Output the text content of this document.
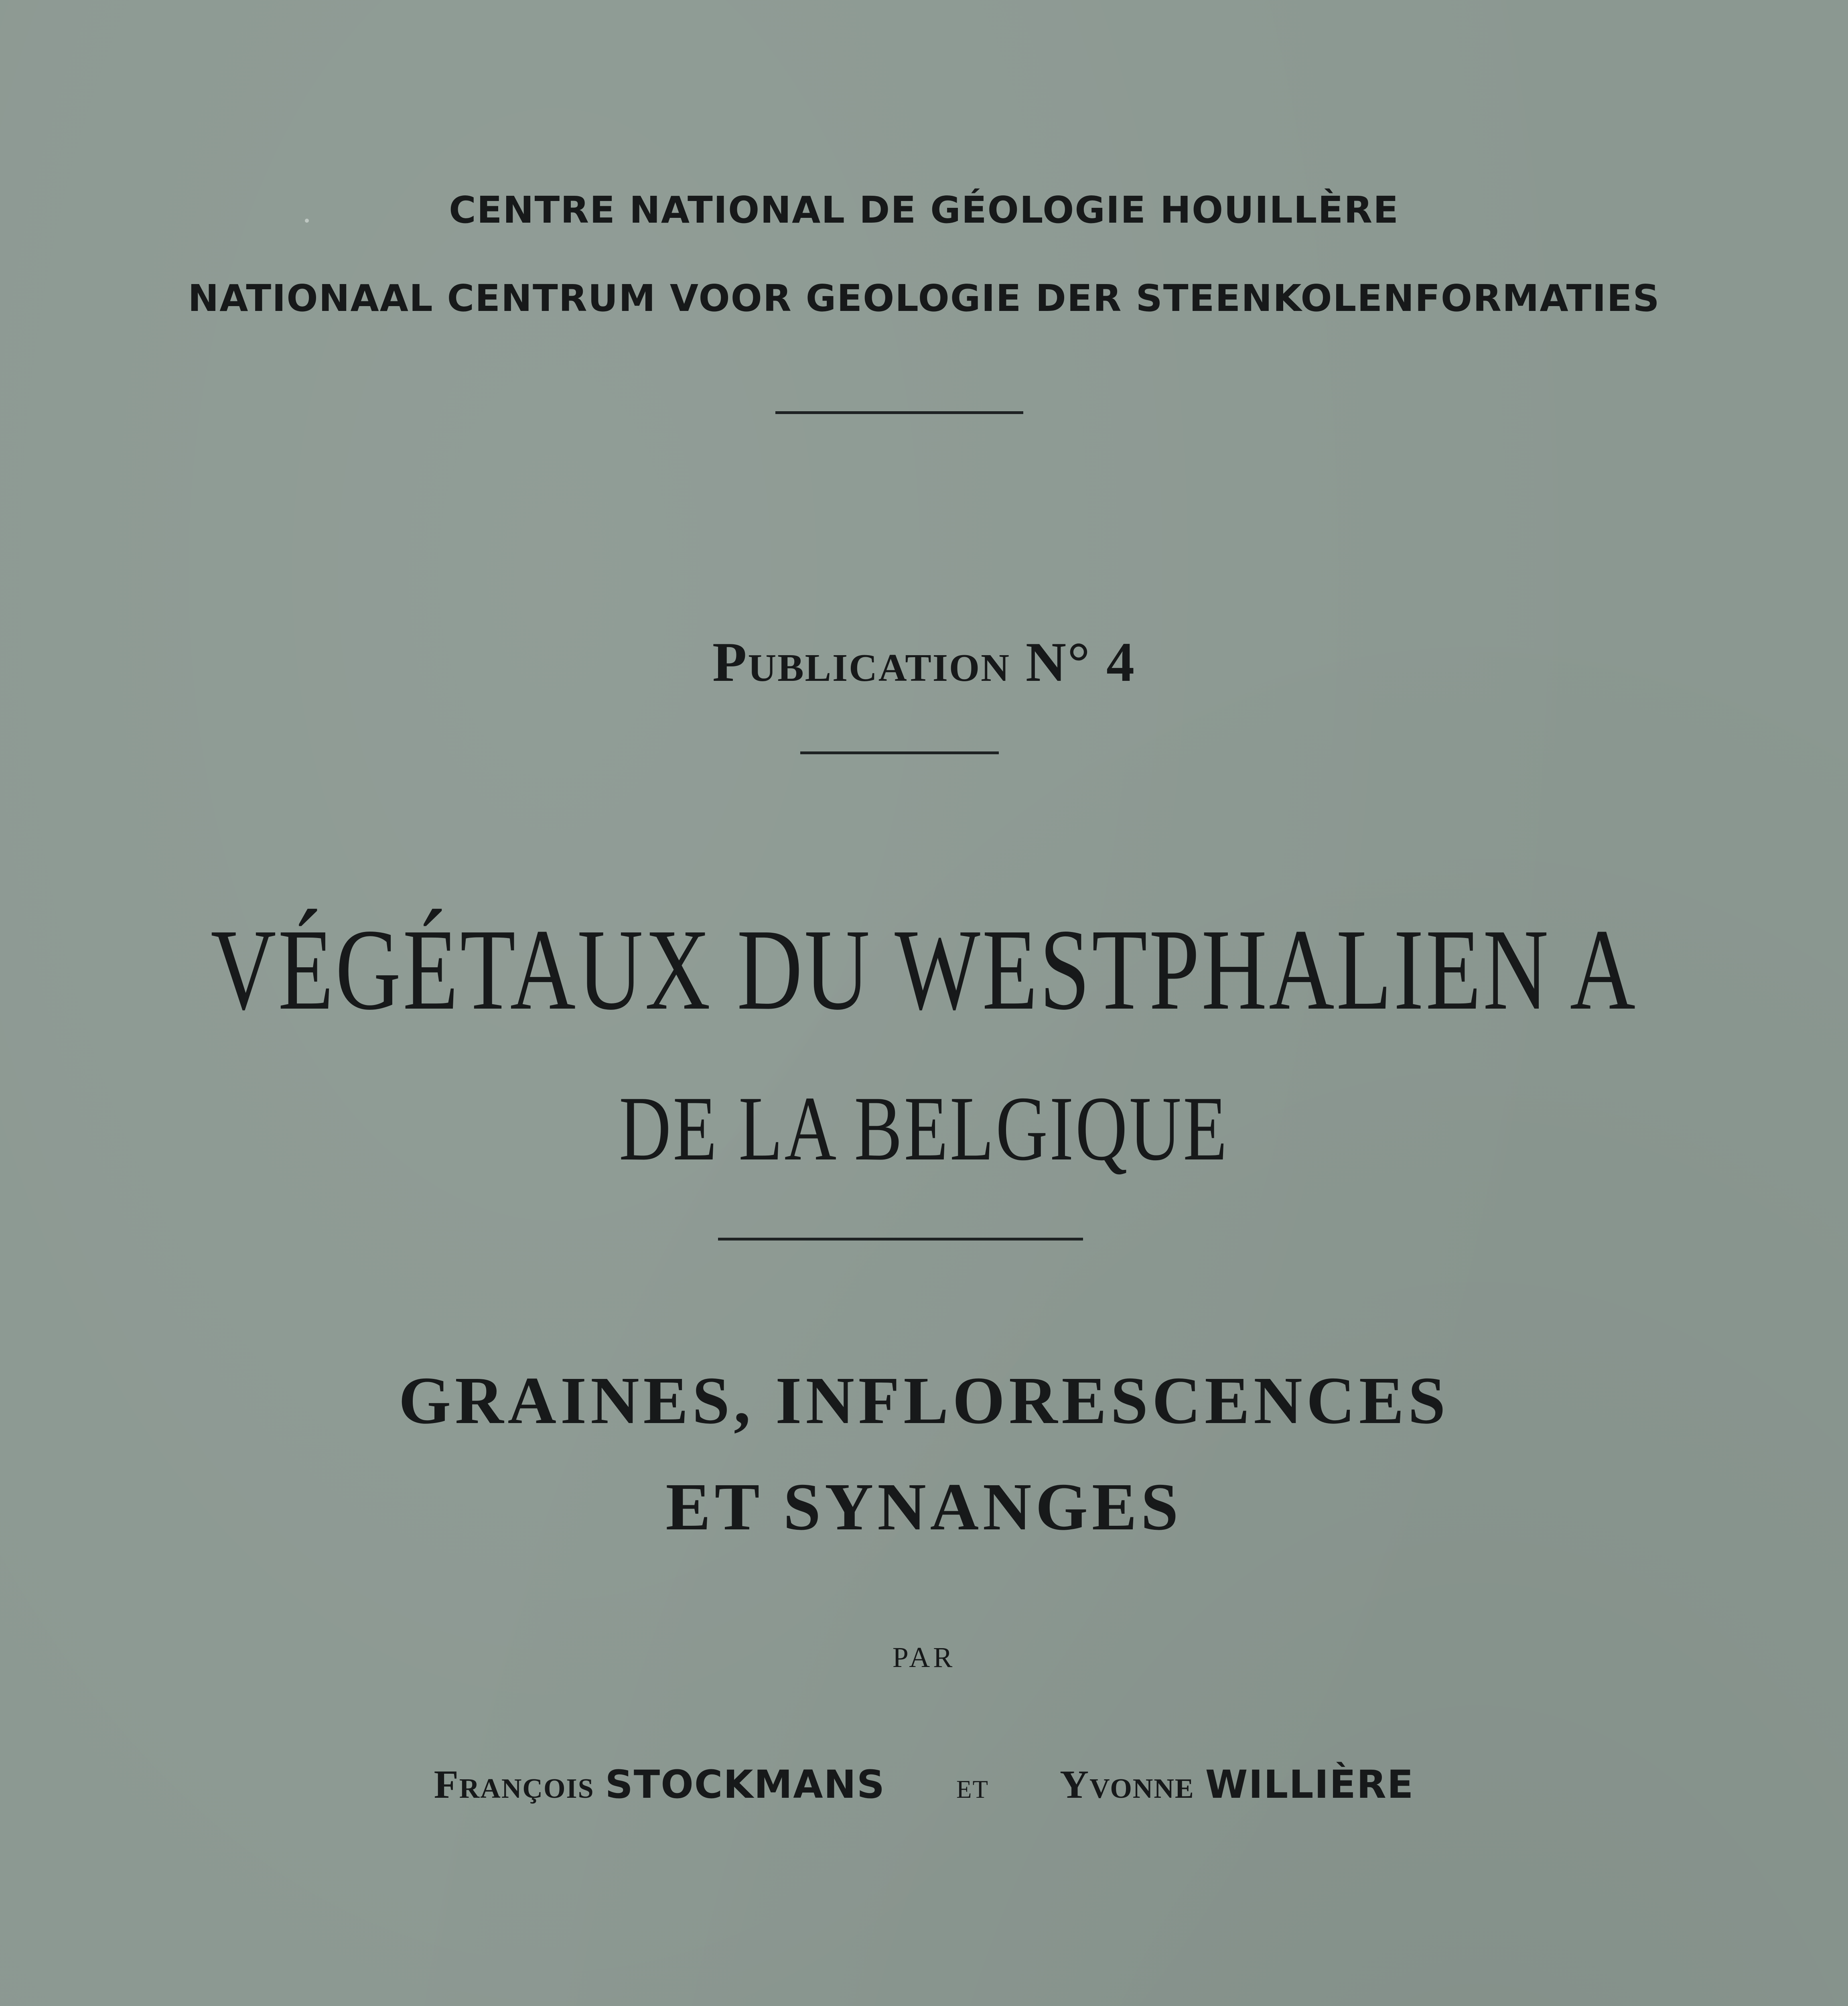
CENTRE NATIONAL DE GÉOLOGIE HOUILLÈRE
NATIONAAL CENTRUM VOOR GEOLOGIE DER STEENKOLENFORMATIES
Publication N° 4
VÉGÉTAUX DU WESTPHALIEN A
DE LA BELGIQUE
GRAINES, INFLORESCENCES
ET SYNANGES
PAR
François STOCKMANS et Yvonne WILLIÈRE
